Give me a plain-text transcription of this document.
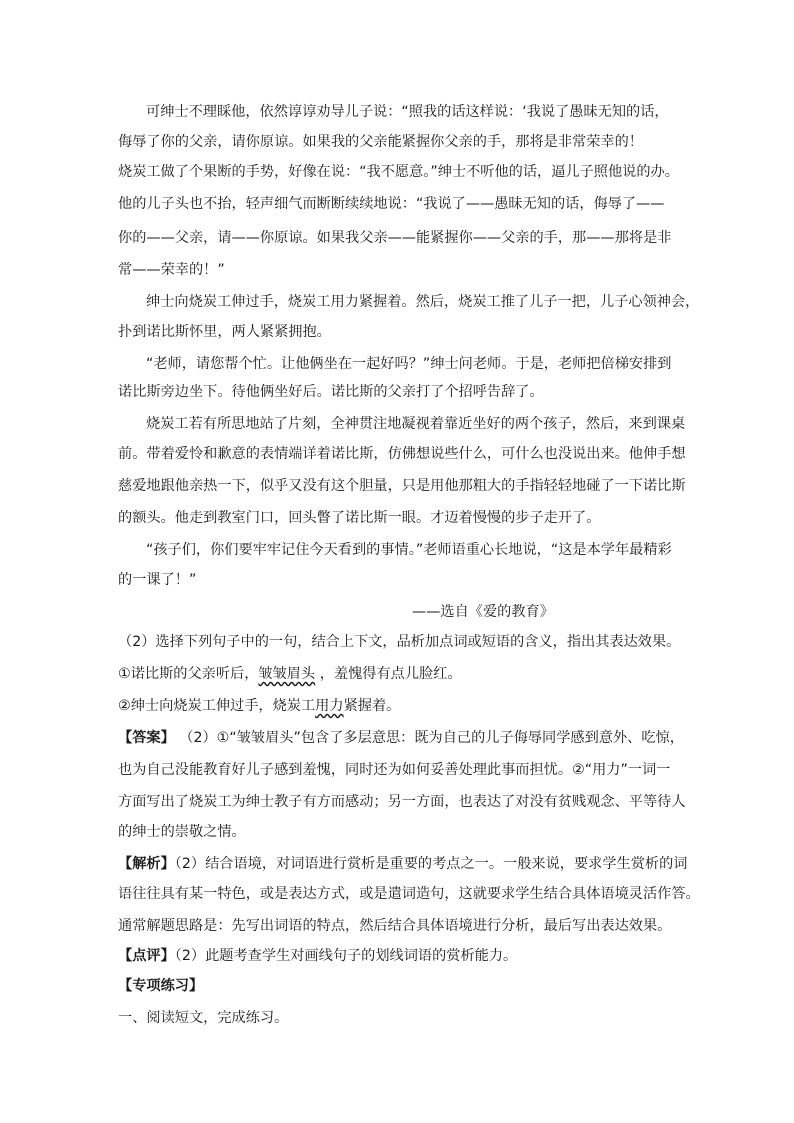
可绅士不理睬他，依然谆谆劝导儿子说：“照我的话这样说：‘我说了愚昧无知的话，
侮辱了你的父亲，请你原谅。如果我的父亲能紧握你父亲的手，那将是非常荣幸的！
烧炭工做了个果断的手势，好像在说：“我不愿意。”绅士不听他的话，逼儿子照他说的办。
他的儿子头也不抬，轻声细气而断断续续地说：“我说了——愚昧无知的话，侮辱了——
你的——父亲，请——你原谅。如果我父亲——能紧握你——父亲的手，那——那将是非
常——荣幸的！”
绅士向烧炭工伸过手，烧炭工用力紧握着。然后，烧炭工推了儿子一把，儿子心领神会，
扑到诺比斯怀里，两人紧紧拥抱。
“老师，请您帮个忙。让他俩坐在一起好吗？”绅士问老师。于是，老师把倍梯安排到
诺比斯旁边坐下。待他俩坐好后。诺比斯的父亲打了个招呼告辞了。
烧炭工若有所思地站了片刻，全神贯注地凝视着靠近坐好的两个孩子，然后，来到课桌
前。带着爱怜和歉意的表情端详着诺比斯，仿佛想说些什么，可什么也没说出来。他伸手想
慈爱地跟他亲热一下，似乎又没有这个胆量，只是用他那粗大的手指轻轻地碰了一下诺比斯
的额头。他走到教室门口，回头瞥了诺比斯一眼。才迈着慢慢的步子走开了。
“孩子们，你们要牢牢记住今天看到的事情。”老师语重心长地说，“这是本学年最精彩
的一课了！”
——选自《爱的教育》
（2）选择下列句子中的一句，结合上下文，品析加点词或短语的含义，指出其表达效果。
①诺比斯的父亲听后，皱皱眉头 ，羞愧得有点儿脸红。
②绅士向烧炭工伸过手，烧炭工用力紧握着。
【答案】 （2）①“皱皱眉头”包含了多层意思：既为自己的儿子侮辱同学感到意外、吃惊，
也为自己没能教育好儿子感到羞愧，同时还为如何妥善处理此事而担忧。②“用力”一词一
方面写出了烧炭工为绅士教子有方而感动；另一方面，也表达了对没有贫贱观念、平等待人
的绅士的崇敬之情。
【解析】（2）结合语境，对词语进行赏析是重要的考点之一。一般来说，要求学生赏析的词
语往往具有某一特色，或是表达方式，或是遣词造句，这就要求学生结合具体语境灵活作答。
通常解题思路是：先写出词语的特点，然后结合具体语境进行分析，最后写出表达效果。
【点评】（2）此题考查学生对画线句子的划线词语的赏析能力。
【专项练习】
一、阅读短文，完成练习。
